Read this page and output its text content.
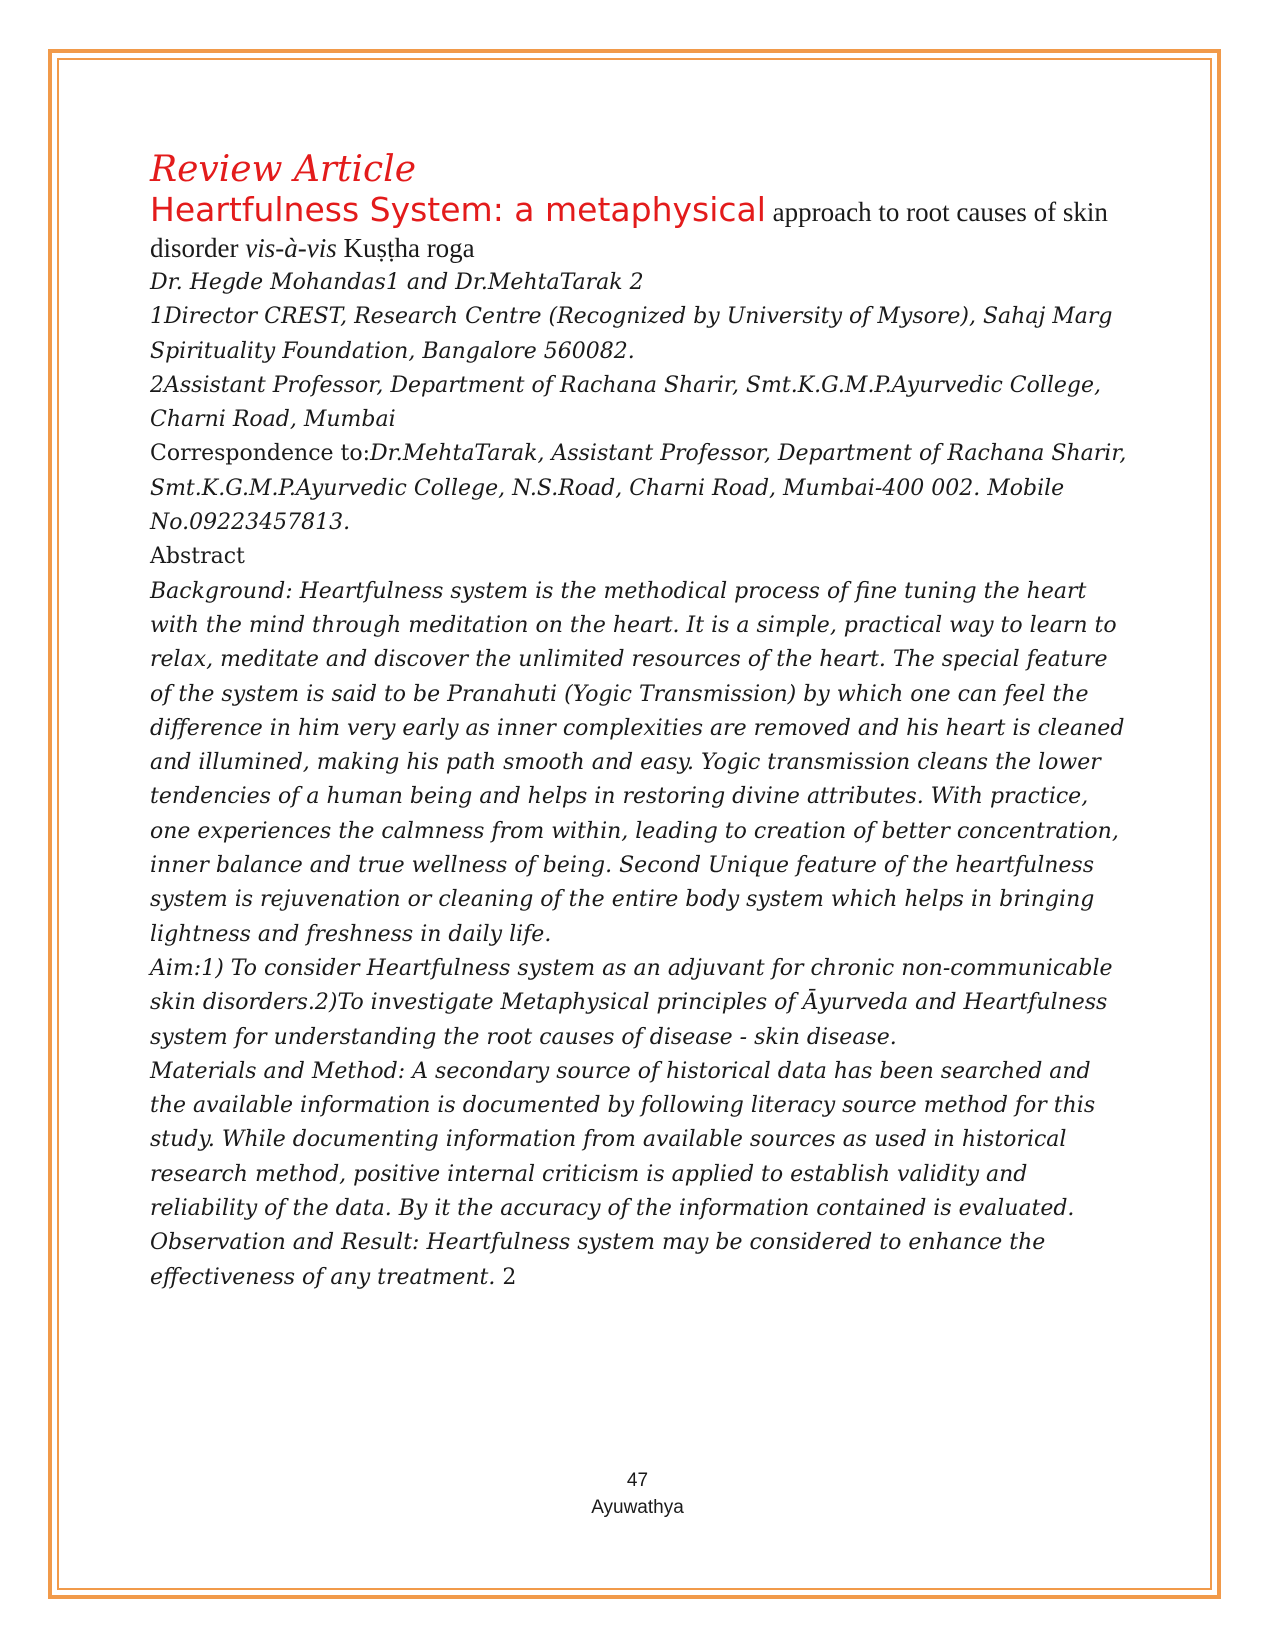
Review Article

Heartfulness System: a metaphysical approach to root causes of skin disorder vis-à-vis Kuṣṭha roga

Dr. Hegde Mohandas1 and Dr.MehtaTarak 2

1Director CREST, Research Centre (Recognized by University of Mysore), Sahaj Marg Spirituality Foundation, Bangalore 560082.

2Assistant Professor, Department of Rachana Sharir, Smt.K.G.M.P.Ayurvedic College, Charni Road, Mumbai

Correspondence to:Dr.MehtaTarak, Assistant Professor, Department of Rachana Sharir, Smt.K.G.M.P.Ayurvedic College, N.S.Road, Charni Road, Mumbai-400 002. Mobile No.09223457813.

Abstract

Background: Heartfulness system is the methodical process of fine tuning the heart with the mind through meditation on the heart. It is a simple, practical way to learn to relax, meditate and discover the unlimited resources of the heart. The special feature of the system is said to be Pranahuti (Yogic Transmission) by which one can feel the difference in him very early as inner complexities are removed and his heart is cleaned and illumined, making his path smooth and easy. Yogic transmission cleans the lower tendencies of a human being and helps in restoring divine attributes. With practice, one experiences the calmness from within, leading to creation of better concentration, inner balance and true wellness of being. Second Unique feature of the heartfulness system is rejuvenation or cleaning of the entire body system which helps in bringing lightness and freshness in daily life.

Aim:1) To consider Heartfulness system as an adjuvant for chronic non-communicable skin disorders.2)To investigate Metaphysical principles of Āyurveda and Heartfulness system for understanding the root causes of disease - skin disease.

Materials and Method: A secondary source of historical data has been searched and the available information is documented by following literacy source method for this study. While documenting information from available sources as used in historical research method, positive internal criticism is applied to establish validity and reliability of the data. By it the accuracy of the information contained is evaluated.

Observation and Result: Heartfulness system may be considered to enhance the effectiveness of any treatment. 2

47
Ayuwathya
